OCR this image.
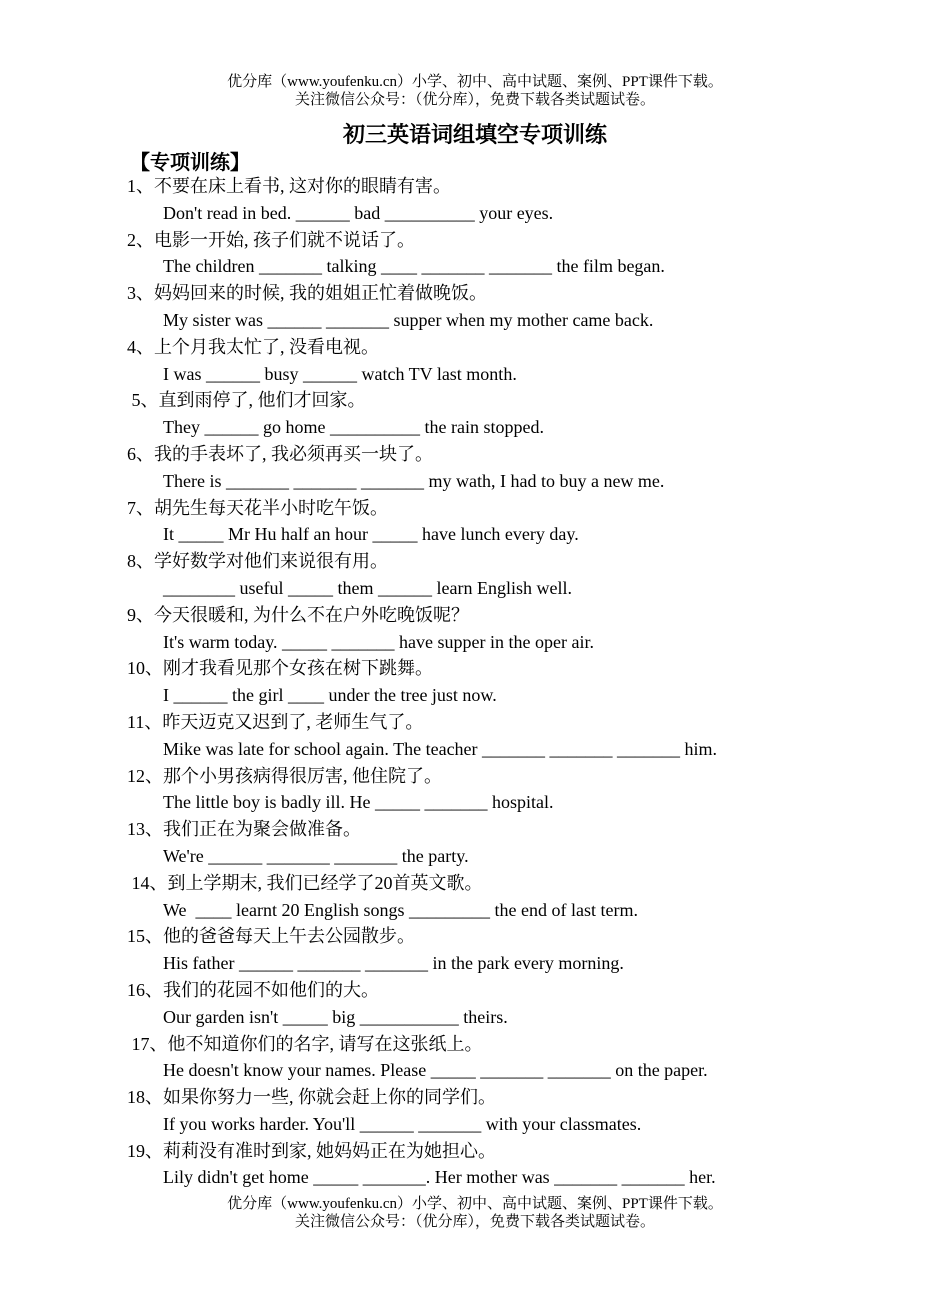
优分库（www.youfenku.cn）小学、初中、高中试题、案例、PPT课件下载。
关注微信公众号：（优分库），免费下载各类试题试卷。
初三英语词组填空专项训练
【专项训练】
1、不要在床上看书, 这对你的眼睛有害。
Don't read in bed. ______ bad __________ your eyes.
2、电影一开始, 孩子们就不说话了。
The children _______ talking ____ _______ _______ the film began.
3、妈妈回来的时候, 我的姐姐正忙着做晚饭。
My sister was ______ _______ supper when my mother came back.
4、上个月我太忙了, 没看电视。
I was ______ busy ______ watch TV last month.
5、直到雨停了, 他们才回家。
They ______ go home __________ the rain stopped.
6、我的手表坏了, 我必须再买一块了。
There is _______ _______ _______ my wath, I had to buy a new me.
7、胡先生每天花半小时吃午饭。
It _____ Mr Hu half an hour _____ have lunch every day.
8、学好数学对他们来说很有用。
________ useful _____ them ______ learn English well.
9、今天很暖和, 为什么不在户外吃晚饭呢？
It's warm today. _____ _______ have supper in the oper air.
10、刚才我看见那个女孩在树下跳舞。
I ______ the girl ____ under the tree just now.
11、昨天迈克又迟到了, 老师生气了。
Mike was late for school again. The teacher _______ _______ _______ him.
12、那个小男孩病得很厉害, 他住院了。
The little boy is badly ill. He _____ _______ hospital.
13、我们正在为聚会做准备。
We're ______ _______ _______ the party.
14、到上学期末, 我们已经学了20首英文歌。
We  ____ learnt 20 English songs _________ the end of last term.
15、他的爸爸每天上午去公园散步。
His father ______ _______ _______ in the park every morning.
16、我们的花园不如他们的大。
Our garden isn't _____ big ___________ theirs.
17、他不知道你们的名字, 请写在这张纸上。
He doesn't know your names. Please _____ _______ _______ on the paper.
18、如果你努力一些, 你就会赶上你的同学们。
If you works harder. You'll ______ _______ with your classmates.
19、莉莉没有准时到家, 她妈妈正在为她担心。
Lily didn't get home _____ _______. Her mother was _______ _______ her.
优分库（www.youfenku.cn）小学、初中、高中试题、案例、PPT课件下载。
关注微信公众号：（优分库），免费下载各类试题试卷。
